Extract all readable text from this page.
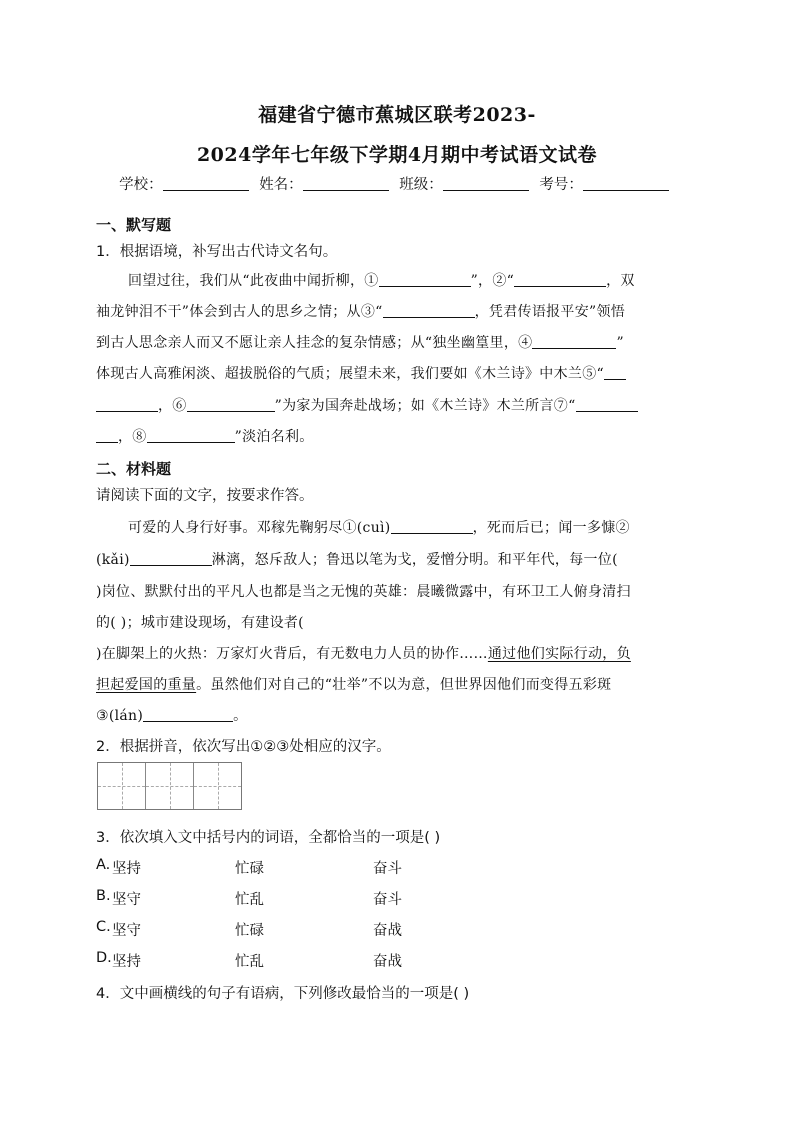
福建省宁德市蕉城区联考2023-
2024学年七年级下学期4月期中考试语文试卷
学校：	姓名：	班级：	考号：
一、默写题
1．根据语境，补写出古代诗文名句。
回望过往，我们从“此夜曲中闻折柳，①	”，②“	，双
袖龙钟泪不干”体会到古人的思乡之情；从③“	，凭君传语报平安”领悟
到古人思念亲人而又不愿让亲人挂念的复杂情感；从“独坐幽篁里，④	”
体现古人高雅闲淡、超拔脱俗的气质；展望未来，我们要如《木兰诗》中木兰⑤“
，⑥	”为家为国奔赴战场；如《木兰诗》木兰所言⑦“
，⑧	”淡泊名利。
二、材料题
请阅读下面的文字，按要求作答。
可爱的人身行好事。邓稼先鞠躬尽①(cuì)	，死而后已；闻一多慷②
(kǎi)	淋漓，怒斥敌人；鲁迅以笔为戈，爱憎分明。和平年代，每一位(
)岗位、默默付出的平凡人也都是当之无愧的英雄：晨曦微露中，有环卫工人俯身清扫
的( )；城市建设现场，有建设者(
)在脚架上的火热：万家灯火背后，有无数电力人员的协作……通过他们实际行动，负
担起爱国的重量。虽然他们对自己的“壮举”不以为意，但世界因他们而变得五彩斑
③(lán)	。
2．根据拼音，依次写出①②③处相应的汉字。
3．依次填入文中括号内的词语，全都恰当的一项是( )
A. 坚持	忙碌	奋斗
B. 坚守	忙乱	奋斗
C. 坚守	忙碌	奋战
D. 坚持	忙乱	奋战
4．文中画横线的句子有语病，下列修改最恰当的一项是( )
